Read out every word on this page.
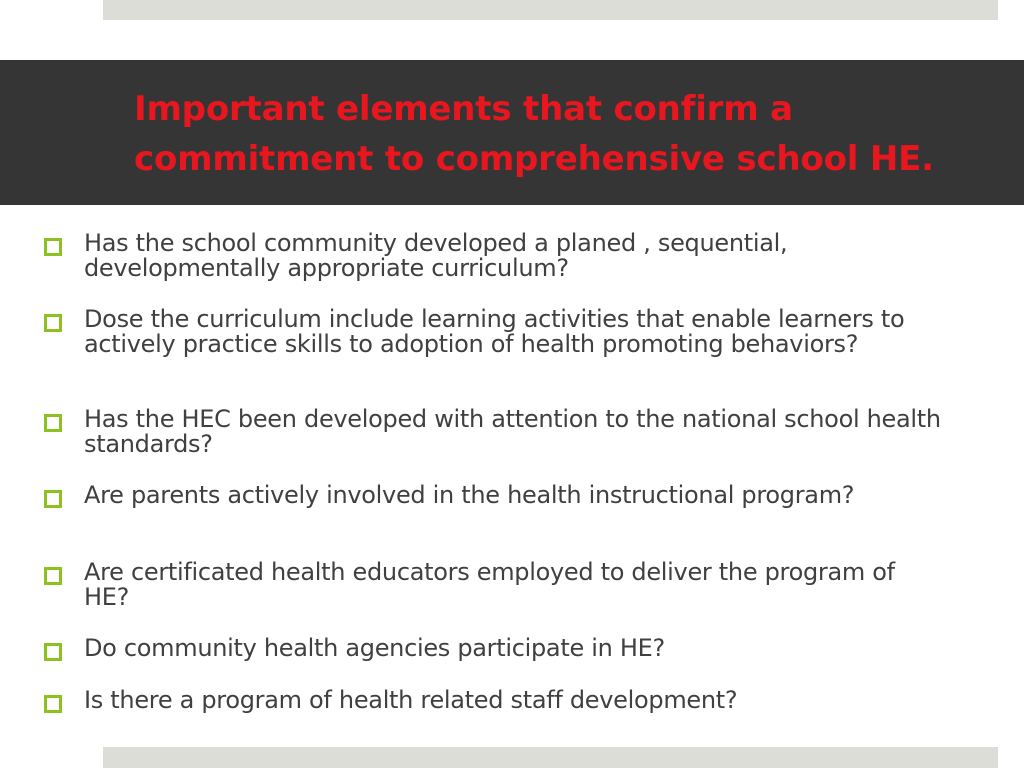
Important elements that confirm a commitment to comprehensive school HE.
Has the school community developed a planed , sequential, developmentally appropriate curriculum?
Dose the curriculum include learning activities that enable learners to actively practice skills to adoption of health promoting behaviors?
Has the HEC been developed with attention to the national school health standards?
Are parents actively involved in the health instructional program?
Are certificated health educators employed to deliver the program of HE?
Do community health agencies participate in HE?
Is there a program of health related staff development?
